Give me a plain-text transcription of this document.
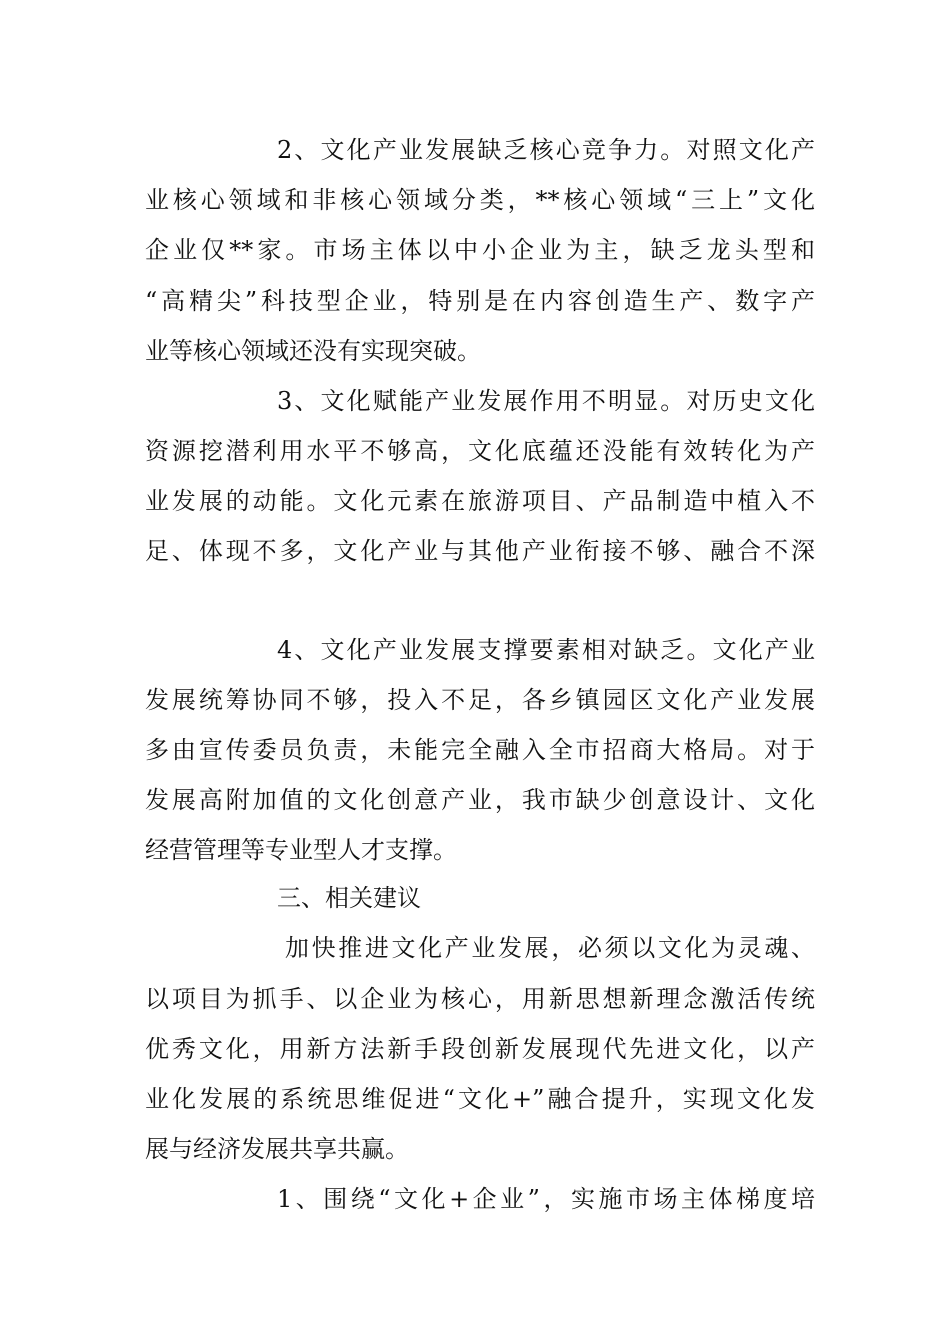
2、文化产业发展缺乏核心竞争力。对照文化产
业核心领域和非核心领域分类，**核心领域“三上”文化
企业仅**家。市场主体以中小企业为主，缺乏龙头型和
“高精尖”科技型企业，特别是在内容创造生产、数字产
业等核心领域还没有实现突破。
3、文化赋能产业发展作用不明显。对历史文化
资源挖潜利用水平不够高，文化底蕴还没能有效转化为产
业发展的动能。文化元素在旅游项目、产品制造中植入不
足、体现不多，文化产业与其他产业衔接不够、融合不深
4、文化产业发展支撑要素相对缺乏。文化产业
发展统筹协同不够，投入不足，各乡镇园区文化产业发展
多由宣传委员负责，未能完全融入全市招商大格局。对于
发展高附加值的文化创意产业，我市缺少创意设计、文化
经营管理等专业型人才支撑。
三、相关建议
加快推进文化产业发展，必须以文化为灵魂、
以项目为抓手、以企业为核心，用新思想新理念激活传统
优秀文化，用新方法新手段创新发展现代先进文化，以产
业化发展的系统思维促进“文化+”融合提升，实现文化发
展与经济发展共享共赢。
1、围绕“文化+企业”，实施市场主体梯度培
